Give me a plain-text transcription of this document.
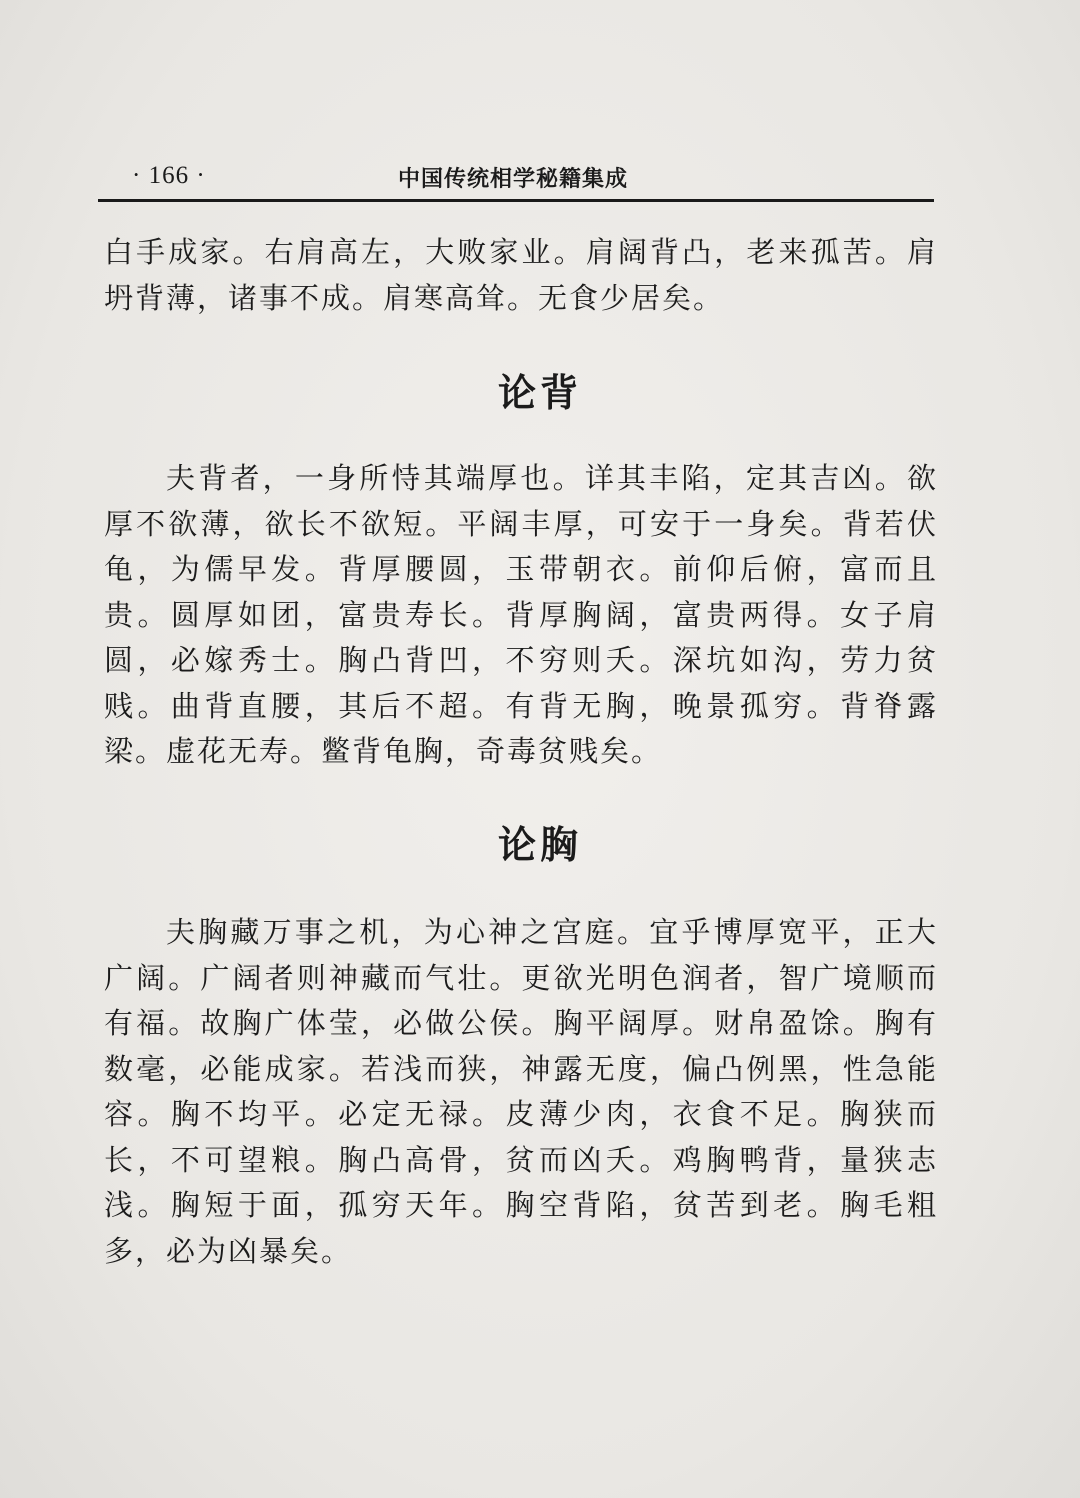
· 166 ·	中国传统相学秘籍集成

白手成家。右肩高左，大败家业。肩阔背凸，老来孤苦。肩坍背薄，诸事不成。肩寒高耸。无食少居矣。

论背

夫背者，一身所恃其端厚也。详其丰陷，定其吉凶。欲厚不欲薄，欲长不欲短。平阔丰厚，可安于一身矣。背若伏龟，为儒早发。背厚腰圆，玉带朝衣。前仰后俯，富而且贵。圆厚如团，富贵寿长。背厚胸阔，富贵两得。女子肩圆，必嫁秀士。胸凸背凹，不穷则夭。深坑如沟，劳力贫贱。曲背直腰，其后不超。有背无胸，晚景孤穷。背脊露梁。虚花无寿。鳖背龟胸，奇毒贫贱矣。

论胸

夫胸藏万事之机，为心神之宫庭。宜乎博厚宽平，正大广阔。广阔者则神藏而气壮。更欲光明色润者，智广境顺而有福。故胸广体莹，必做公侯。胸平阔厚。财帛盈馀。胸有数毫，必能成家。若浅而狭，神露无度，偏凸例黑，性急能容。胸不均平。必定无禄。皮薄少肉，衣食不足。胸狭而长，不可望粮。胸凸高骨，贫而凶夭。鸡胸鸭背，量狭志浅。胸短于面，孤穷天年。胸空背陷，贫苦到老。胸毛粗多，必为凶暴矣。
